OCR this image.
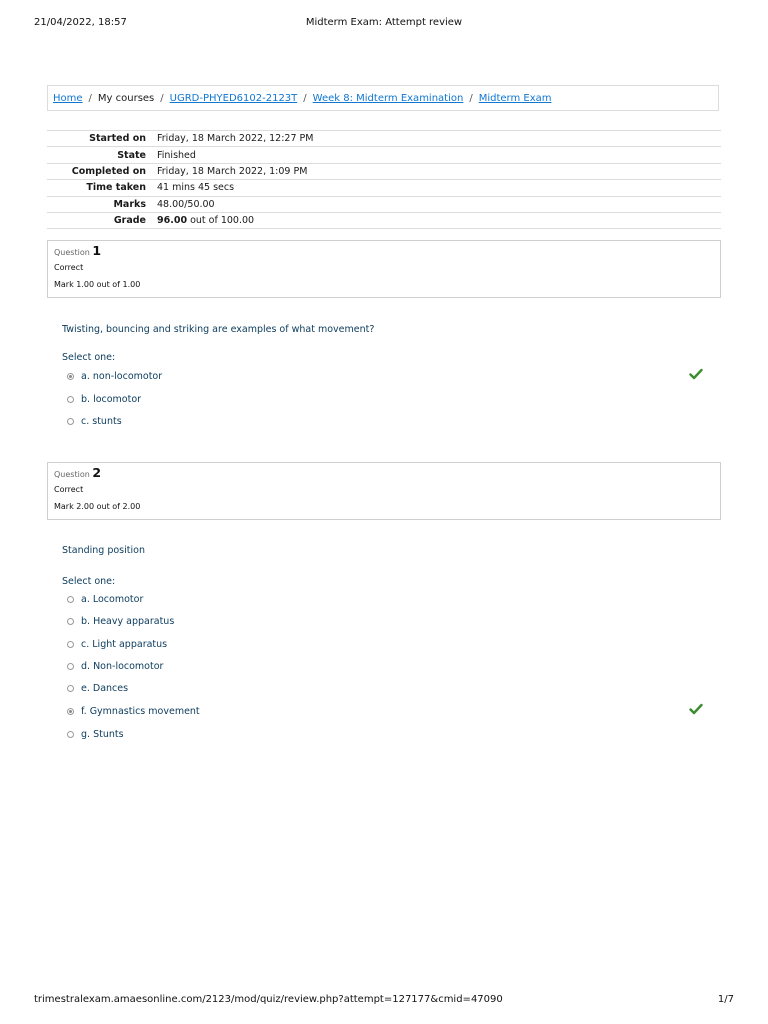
21/04/2022, 18:57	Midterm Exam: Attempt review
Home / My courses / UGRD-PHYED6102-2123T / Week 8: Midterm Examination / Midterm Exam
Started on	Friday, 18 March 2022, 12:27 PM
State	Finished
Completed on	Friday, 18 March 2022, 1:09 PM
Time taken	41 mins 45 secs
Marks	48.00/50.00
Grade	96.00 out of 100.00
Question 1
Correct
Mark 1.00 out of 1.00
Twisting, bouncing and striking are examples of what movement?
Select one:
a. non-locomotor
b. locomotor
c. stunts
Question 2
Correct
Mark 2.00 out of 2.00
Standing position
Select one:
a. Locomotor
b. Heavy apparatus
c. Light apparatus
d. Non-locomotor
e. Dances
f. Gymnastics movement
g. Stunts
trimestralexam.amaesonline.com/2123/mod/quiz/review.php?attempt=127177&cmid=47090	1/7
